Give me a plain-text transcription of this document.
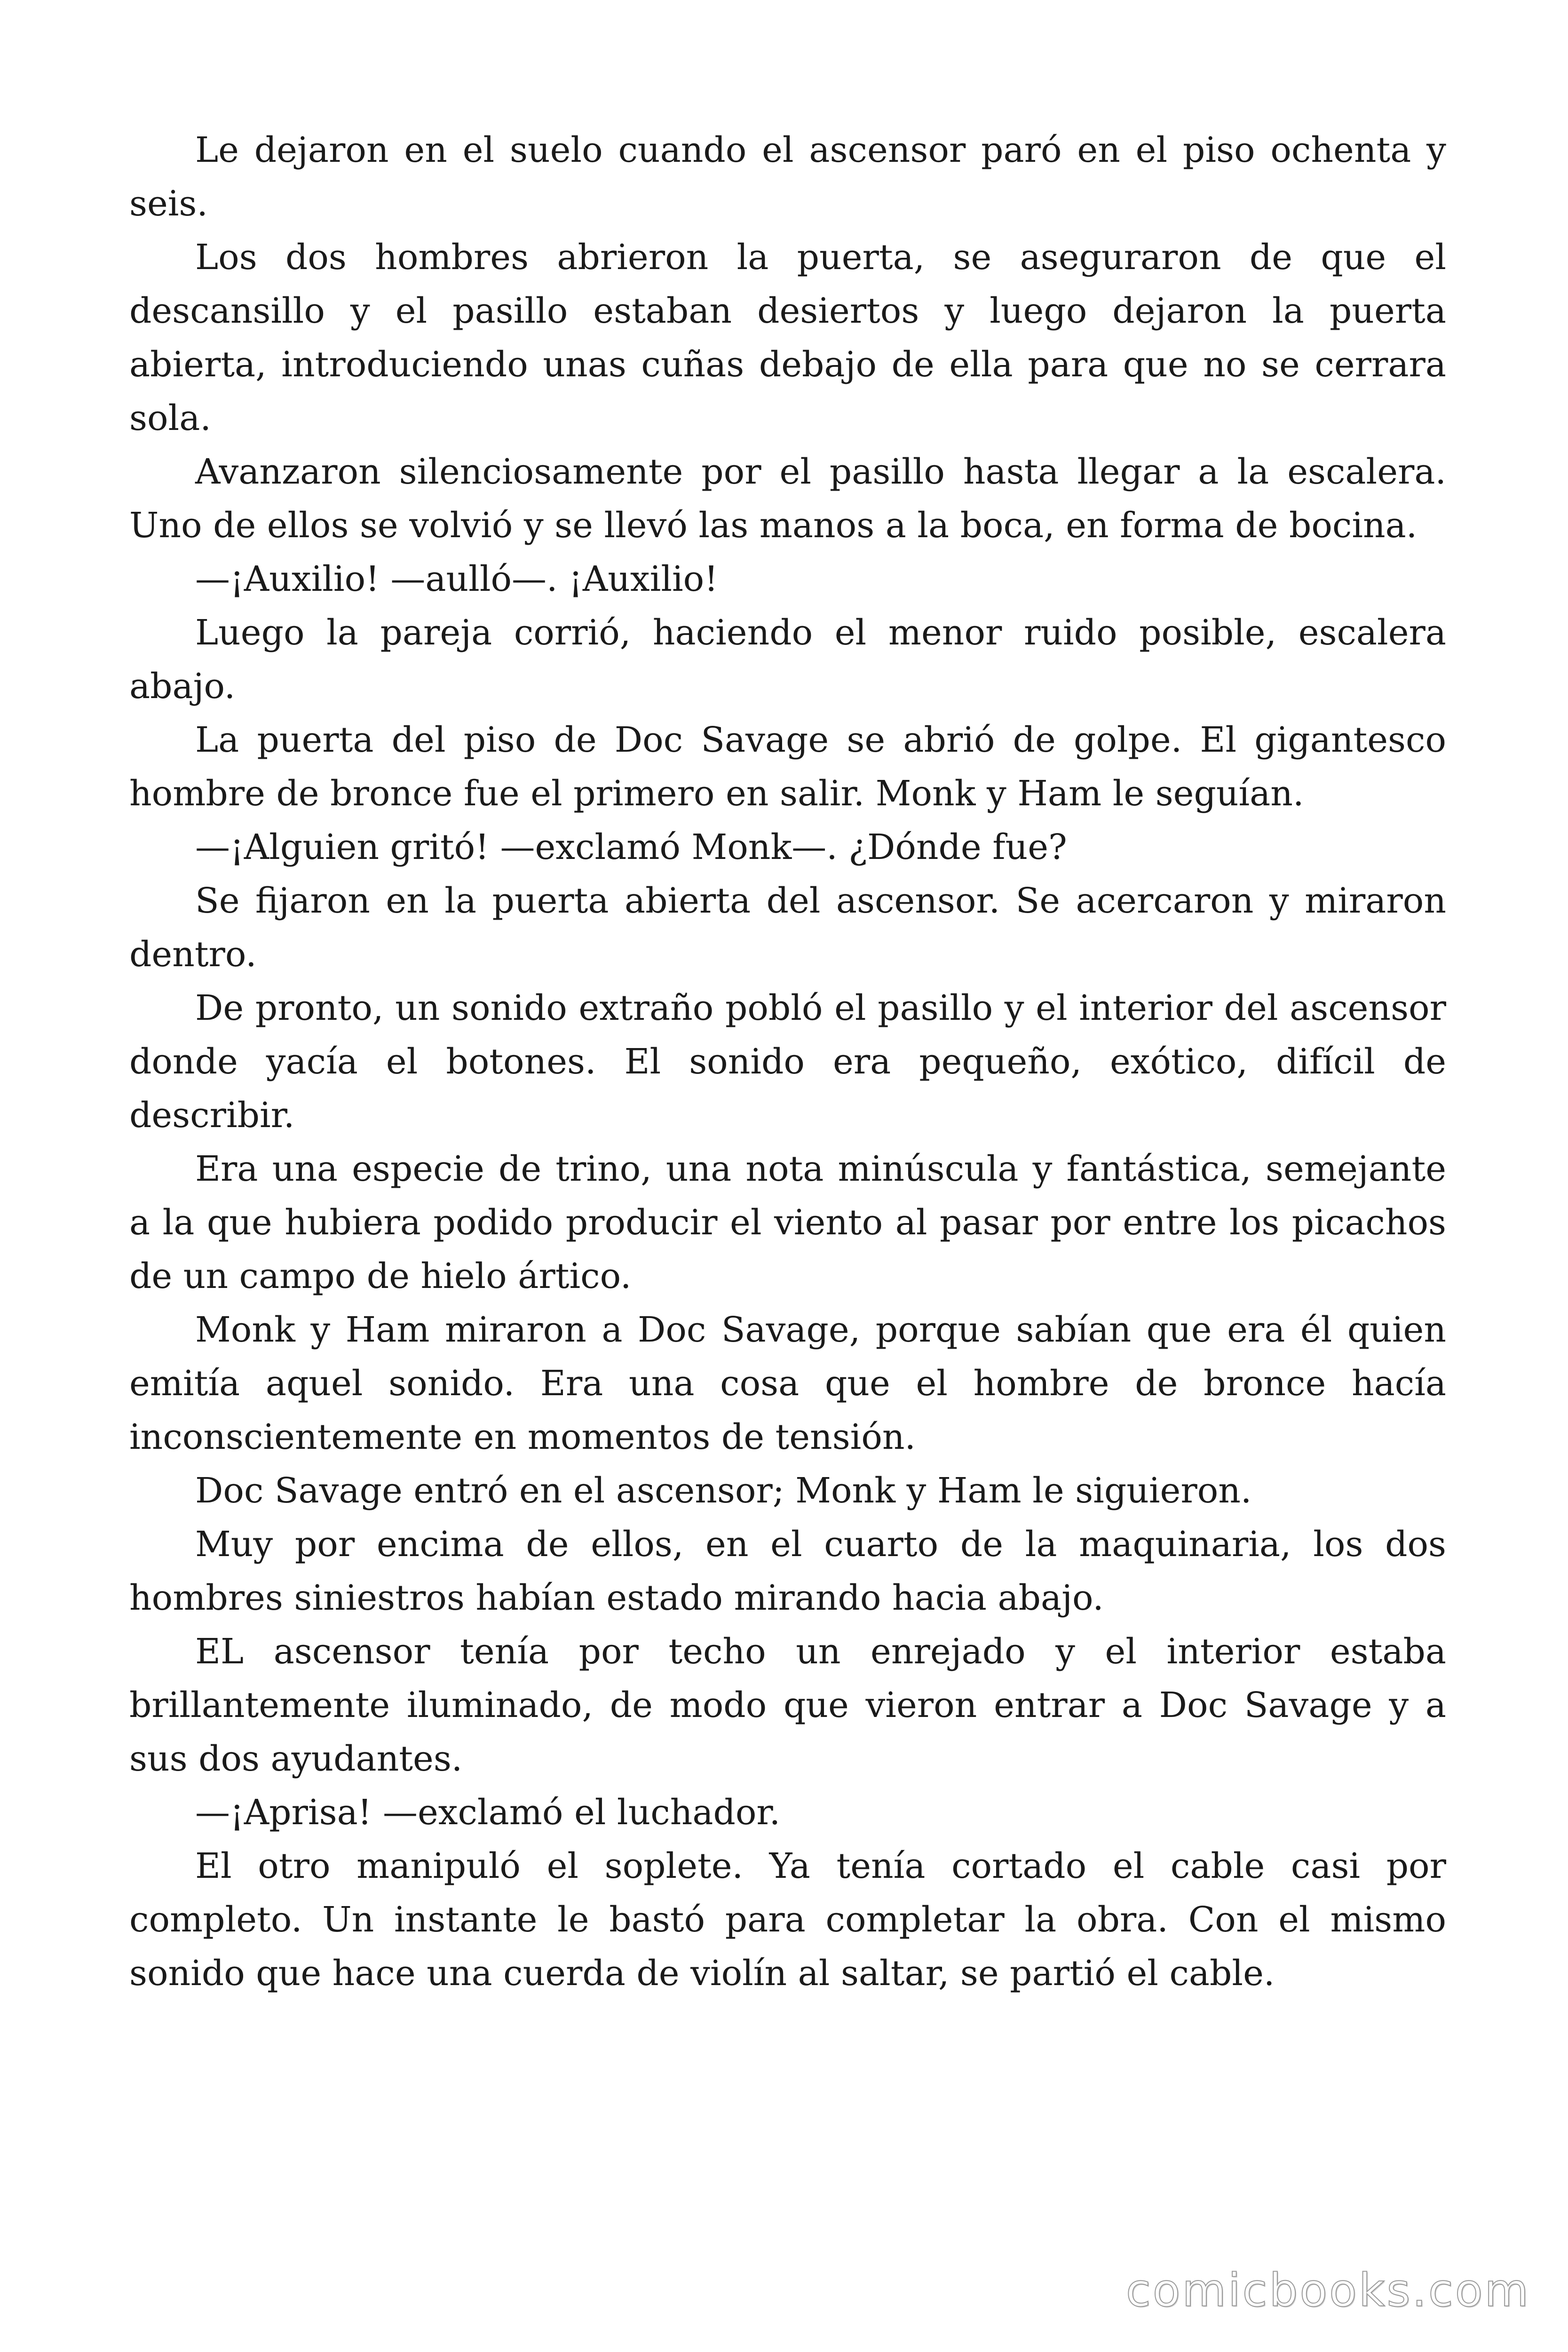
Le dejaron en el suelo cuando el ascensor paró en el piso ochenta y seis.

Los dos hombres abrieron la puerta, se aseguraron de que el descansillo y el pasillo estaban desiertos y luego dejaron la puerta abierta, introduciendo unas cuñas debajo de ella para que no se cerrara sola.

Avanzaron silenciosamente por el pasillo hasta llegar a la escalera. Uno de ellos se volvió y se llevó las manos a la boca, en forma de bocina.

—¡Auxilio! —aulló—. ¡Auxilio!

Luego la pareja corrió, haciendo el menor ruido posible, escalera abajo.

La puerta del piso de Doc Savage se abrió de golpe. El gigantesco hombre de bronce fue el primero en salir. Monk y Ham le seguían.

—¡Alguien gritó! —exclamó Monk—. ¿Dónde fue?

Se fijaron en la puerta abierta del ascensor. Se acercaron y miraron dentro.

De pronto, un sonido extraño pobló el pasillo y el interior del ascensor donde yacía el botones. El sonido era pequeño, exótico, difícil de describir.

Era una especie de trino, una nota minúscula y fantástica, semejante a la que hubiera podido producir el viento al pasar por entre los picachos de un campo de hielo ártico.

Monk y Ham miraron a Doc Savage, porque sabían que era él quien emitía aquel sonido. Era una cosa que el hombre de bronce hacía inconscientemente en momentos de tensión.

Doc Savage entró en el ascensor; Monk y Ham le siguieron.

Muy por encima de ellos, en el cuarto de la maquinaria, los dos hombres siniestros habían estado mirando hacia abajo.

EL ascensor tenía por techo un enrejado y el interior estaba brillantemente iluminado, de modo que vieron entrar a Doc Savage y a sus dos ayudantes.

—¡Aprisa! —exclamó el luchador.

El otro manipuló el soplete. Ya tenía cortado el cable casi por completo. Un instante le bastó para completar la obra. Con el mismo sonido que hace una cuerda de violín al saltar, se partió el cable.

comicbooks.com
